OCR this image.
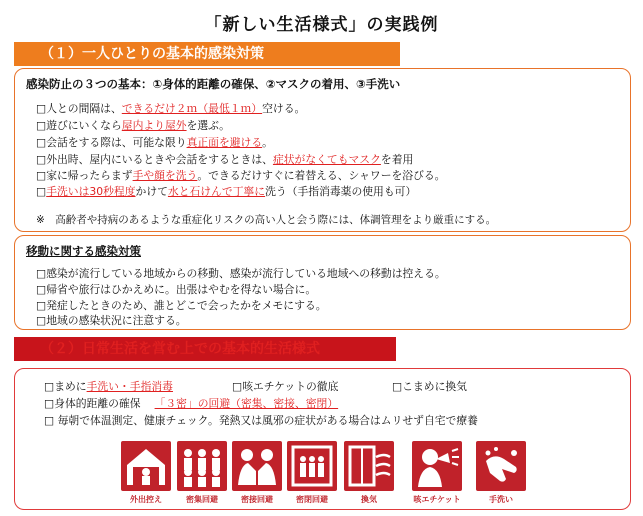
「新しい生活様式」の実践例
（１）一人ひとりの基本的感染対策
感染防止の３つの基本：①身体的距離の確保、②マスクの着用、③手洗い
□人との間隔は、できるだけ２ｍ（最低１ｍ）空ける。
□遊びにいくなら屋内より屋外を選ぶ。
□会話をする際は、可能な限り真正面を避ける。
□外出時、屋内にいるときや会話をするときは、症状がなくてもマスクを着用
□家に帰ったらまず手や顔を洗う。できるだけすぐに着替える、シャワーを浴びる。
□手洗いは30秒程度かけて水と石けんで丁寧に洗う（手指消毒薬の使用も可）
※　高齢者や持病のあるような重症化リスクの高い人と会う際には、体調管理をより厳重にする。
移動に関する感染対策
□感染が流行している地域からの移動、感染が流行している地域への移動は控える。
□帰省や旅行はひかえめに。出張はやむを得ない場合に。
□発症したときのため、誰とどこで会ったかをメモにする。
□地域の感染状況に注意する。
（２）日常生活を営む上での基本的生活様式
□まめに手洗い・手指消毒	□咳エチケットの徹底	□こまめに換気
□身体的距離の確保 「３密」の回避（密集、密接、密閉）
□ 毎朝で体温測定、健康チェック。発熱又は風邪の症状がある場合はムリせず自宅で療養
外出控え	密集回避	密接回避	密閉回避	換気	咳エチケット	手洗い
